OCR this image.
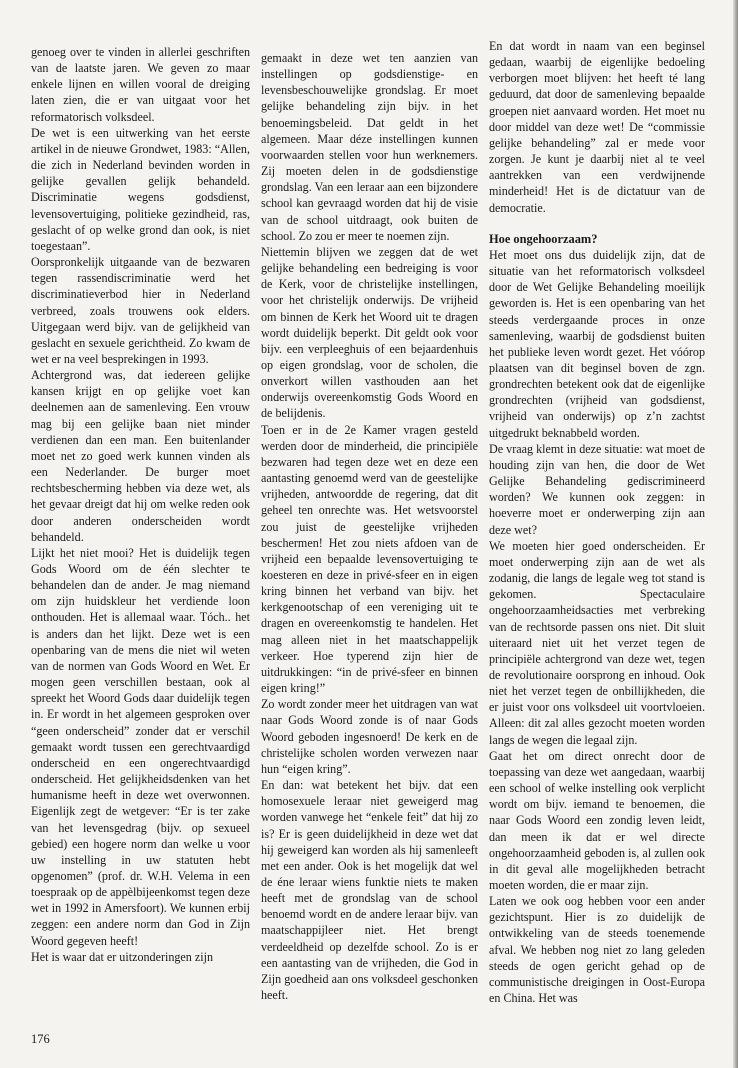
genoeg over te vinden in allerlei geschriften van de laatste jaren. We geven zo maar enkele lijnen en willen vooral de dreiging laten zien, die er van uitgaat voor het reformatorisch volksdeel.

De wet is een uitwerking van het eerste artikel in de nieuwe Grondwet, 1983: “Allen, die zich in Nederland bevinden worden in gelijke gevallen gelijk behandeld. Discriminatie wegens godsdienst, levensovertuiging, politieke gezindheid, ras, geslacht of op welke grond dan ook, is niet toegestaan”.

Oorspronkelijk uitgaande van de bezwaren tegen rassendiscriminatie werd het discriminatieverbod hier in Nederland verbreed, zoals trouwens ook elders. Uitgegaan werd bijv. van de gelijkheid van geslacht en sexuele gerichtheid. Zo kwam de wet er na veel besprekingen in 1993.

Achtergrond was, dat iedereen gelijke kansen krijgt en op gelijke voet kan deelnemen aan de samenleving. Een vrouw mag bij een gelijke baan niet minder verdienen dan een man. Een buitenlander moet net zo goed werk kunnen vinden als een Nederlander. De burger moet rechtsbescherming hebben via deze wet, als het gevaar dreigt dat hij om welke reden ook door anderen onderscheiden wordt behandeld.

Lijkt het niet mooi? Het is duidelijk tegen Gods Woord om de één slechter te behandelen dan de ander. Je mag niemand om zijn huidskleur het verdiende loon onthouden. Het is allemaal waar. Tóch.. het is anders dan het lijkt. Deze wet is een openbaring van de mens die niet wil weten van de normen van Gods Woord en Wet. Er mogen geen verschillen bestaan, ook al spreekt het Woord Gods daar duidelijk tegen in. Er wordt in het algemeen gesproken over “geen onderscheid” zonder dat er verschil gemaakt wordt tussen een gerechtvaardigd onderscheid en een ongerechtvaardigd onderscheid. Het gelijkheidsdenken van het humanisme heeft in deze wet overwonnen. Eigenlijk zegt de wetgever: “Er is ter zake van het levensgedrag (bijv. op sexueel gebied) een hogere norm dan welke u voor uw instelling in uw statuten hebt opgenomen” (prof. dr. W.H. Velema in een toespraak op de appèlbijeenkomst tegen deze wet in 1992 in Amersfoort). We kunnen erbij zeggen: een andere norm dan God in Zijn Woord gegeven heeft!

Het is waar dat er uitzonderingen zijn

gemaakt in deze wet ten aanzien van instellingen op godsdienstige- en levensbeschouwelijke grondslag. Er moet gelijke behandeling zijn bijv. in het benoemingsbeleid. Dat geldt in het algemeen. Maar déze instellingen kunnen voorwaarden stellen voor hun werknemers. Zij moeten delen in de godsdienstige grondslag. Van een leraar aan een bijzondere school kan gevraagd worden dat hij de visie van de school uitdraagt, ook buiten de school. Zo zou er meer te noemen zijn.

Niettemin blijven we zeggen dat de wet gelijke behandeling een bedreiging is voor de Kerk, voor de christelijke instellingen, voor het christelijk onderwijs. De vrijheid om binnen de Kerk het Woord uit te dragen wordt duidelijk beperkt. Dit geldt ook voor bijv. een verpleeghuis of een bejaardenhuis op eigen grondslag, voor de scholen, die onverkort willen vasthouden aan het onderwijs overeenkomstig Gods Woord en de belijdenis.

Toen er in de 2e Kamer vragen gesteld werden door de minderheid, die principiële bezwaren had tegen deze wet en deze een aantasting genoemd werd van de geestelijke vrijheden, antwoordde de regering, dat dit geheel ten onrechte was. Het wetsvoorstel zou juist de geestelijke vrijheden beschermen! Het zou niets afdoen van de vrijheid een bepaalde levensovertuiging te koesteren en deze in privé-sfeer en in eigen kring binnen het verband van bijv. het kerkgenootschap of een vereniging uit te dragen en overeenkomstig te handelen. Het mag alleen niet in het maatschappelijk verkeer. Hoe typerend zijn hier de uitdrukkingen: “in de privé-sfeer en binnen eigen kring!”

Zo wordt zonder meer het uitdragen van wat naar Gods Woord zonde is of naar Gods Woord geboden ingesnoerd! De kerk en de christelijke scholen worden verwezen naar hun “eigen kring”.

En dan: wat betekent het bijv. dat een homosexuele leraar niet geweigerd mag worden vanwege het “enkele feit” dat hij zo is? Er is geen duidelijkheid in deze wet dat hij geweigerd kan worden als hij samenleeft met een ander. Ook is het mogelijk dat wel de éne leraar wiens funktie niets te maken heeft met de grondslag van de school benoemd wordt en de andere leraar bijv. van maatschappijleer niet. Het brengt verdeeldheid op dezelfde school. Zo is er een aantasting van de vrijheden, die God in Zijn goedheid aan ons volksdeel geschonken heeft.

En dat wordt in naam van een beginsel gedaan, waarbij de eigenlijke bedoeling verborgen moet blijven: het heeft té lang geduurd, dat door de samenleving bepaalde groepen niet aanvaard worden. Het moet nu door middel van deze wet! De “commissie gelijke behandeling” zal er mede voor zorgen. Je kunt je daarbij niet al te veel aantrekken van een verdwijnende minderheid! Het is de dictatuur van de democratie.

Hoe ongehoorzaam?

Het moet ons dus duidelijk zijn, dat de situatie van het reformatorisch volksdeel door de Wet Gelijke Behandeling moeilijk geworden is. Het is een openbaring van het steeds verdergaande proces in onze samenleving, waarbij de godsdienst buiten het publieke leven wordt gezet. Het vóórop plaatsen van dit beginsel boven de zgn. grondrechten betekent ook dat de eigenlijke grondrechten (vrijheid van godsdienst, vrijheid van onderwijs) op z’n zachtst uitgedrukt beknabbeld worden.

De vraag klemt in deze situatie: wat moet de houding zijn van hen, die door de Wet Gelijke Behandeling gediscrimineerd worden? We kunnen ook zeggen: in hoeverre moet er onderwerping zijn aan deze wet?

We moeten hier goed onderscheiden. Er moet onderwerping zijn aan de wet als zodanig, die langs de legale weg tot stand is gekomen. Spectaculaire ongehoorzaamheidsacties met verbreking van de rechtsorde passen ons niet. Dit sluit uiteraard niet uit het verzet tegen de principiële achtergrond van deze wet, tegen de revolutionaire oorsprong en inhoud. Ook niet het verzet tegen de onbillijkheden, die er juist voor ons volksdeel uit voortvloeien. Alleen: dit zal alles gezocht moeten worden langs de wegen die legaal zijn.

Gaat het om direct onrecht door de toepassing van deze wet aangedaan, waarbij een school of welke instelling ook verplicht wordt om bijv. iemand te benoemen, die naar Gods Woord een zondig leven leidt, dan meen ik dat er wel directe ongehoorzaamheid geboden is, al zullen ook in dit geval alle mogelijkheden betracht moeten worden, die er maar zijn.

Laten we ook oog hebben voor een ander gezichtspunt. Hier is zo duidelijk de ontwikkeling van de steeds toenemende afval. We hebben nog niet zo lang geleden steeds de ogen gericht gehad op de communistische dreigingen in Oost-Europa en China. Het was

176
